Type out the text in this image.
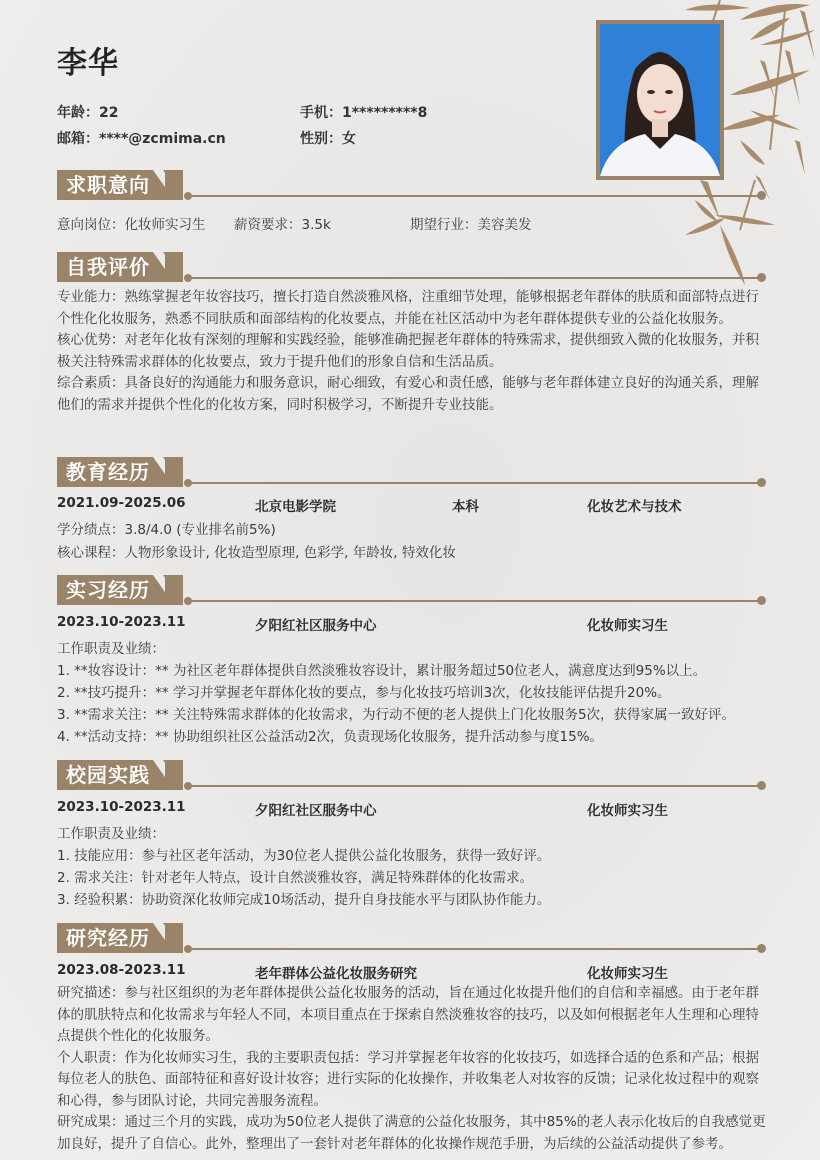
李华
年龄：22	手机：1*********8
邮箱：****@zcmima.cn	性别：女
求职意向
意向岗位：化妆师实习生 薪资要求：3.5k	期望行业：美容美发
自我评价

专业能力：熟练掌握老年妆容技巧，擅长打造自然淡雅风格，注重细节处理，能够根据老年群体的肤质和面部特点进行个性化化妆服务，熟悉不同肤质和面部结构的化妆要点，并能在社区活动中为老年群体提供专业的公益化妆服务。

核心优势：对老年化妆有深刻的理解和实践经验，能够准确把握老年群体的特殊需求，提供细致入微的化妆服务，并积极关注特殊需求群体的化妆要点，致力于提升他们的形象自信和生活品质。

综合素质：具备良好的沟通能力和服务意识，耐心细致，有爱心和责任感，能够与老年群体建立良好的沟通关系，理解他们的需求并提供个性化的化妆方案，同时积极学习，不断提升专业技能。

教育经历
2021.09-2025.06	北京电影学院	本科	化妆艺术与技术
学分绩点：3.8/4.0 (专业排名前5%)
核心课程：人物形象设计, 化妆造型原理, 色彩学, 年龄妆, 特效化妆
实习经历
2023.10-2023.11	夕阳红社区服务中心	化妆师实习生
工作职责及业绩：
1. **妆容设计：** 为社区老年群体提供自然淡雅妆容设计，累计服务超过50位老人，满意度达到95%以上。
2. **技巧提升：** 学习并掌握老年群体化妆的要点，参与化妆技巧培训3次，化妆技能评估提升20%。
3. **需求关注：** 关注特殊需求群体的化妆需求，为行动不便的老人提供上门化妆服务5次，获得家属一致好评。
4. **活动支持：** 协助组织社区公益活动2次，负责现场化妆服务，提升活动参与度15%。
校园实践
2023.10-2023.11	夕阳红社区服务中心	化妆师实习生
工作职责及业绩：
1. 技能应用：参与社区老年活动，为30位老人提供公益化妆服务，获得一致好评。
2. 需求关注：针对老年人特点，设计自然淡雅妆容，满足特殊群体的化妆需求。
3. 经验积累：协助资深化妆师完成10场活动，提升自身技能水平与团队协作能力。
研究经历
2023.08-2023.11	老年群体公益化妆服务研究	化妆师实习生

研究描述：参与社区组织的为老年群体提供公益化妆服务的活动，旨在通过化妆提升他们的自信和幸福感。由于老年群体的肌肤特点和化妆需求与年轻人不同，本项目重点在于探索自然淡雅妆容的技巧，以及如何根据老年人生理和心理特点提供个性化的化妆服务。

个人职责：作为化妆师实习生，我的主要职责包括：学习并掌握老年妆容的化妆技巧，如选择合适的色系和产品；根据每位老人的肤色、面部特征和喜好设计妆容；进行实际的化妆操作，并收集老人对妆容的反馈；记录化妆过程中的观察和心得，参与团队讨论，共同完善服务流程。

研究成果：通过三个月的实践，成功为50位老人提供了满意的公益化妆服务，其中85%的老人表示化妆后的自我感觉更加良好，提升了自信心。此外，整理出了一套针对老年群体的化妆操作规范手册，为后续的公益活动提供了参考。
